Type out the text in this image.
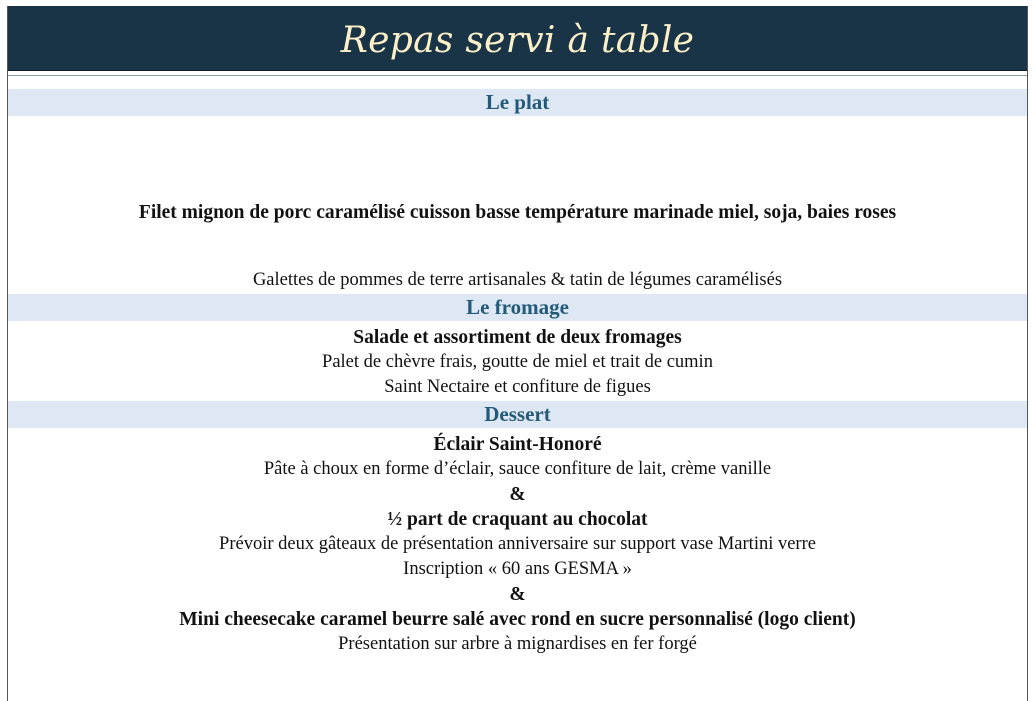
Repas servi à table
Le plat
Filet mignon de porc caramélisé cuisson basse température marinade miel, soja, baies roses
Galettes de pommes de terre artisanales & tatin de légumes caramélisés
Le fromage
Salade et assortiment de deux fromages
Palet de chèvre frais, goutte de miel et trait de cumin
Saint Nectaire et confiture de figues
Dessert
Éclair Saint-Honoré
Pâte à choux en forme d’éclair, sauce confiture de lait, crème vanille
&
½ part de craquant au chocolat
Prévoir deux gâteaux de présentation anniversaire sur support vase Martini verre
Inscription « 60 ans GESMA »
&
Mini cheesecake caramel beurre salé avec rond en sucre personnalisé (logo client)
Présentation sur arbre à mignardises en fer forgé
